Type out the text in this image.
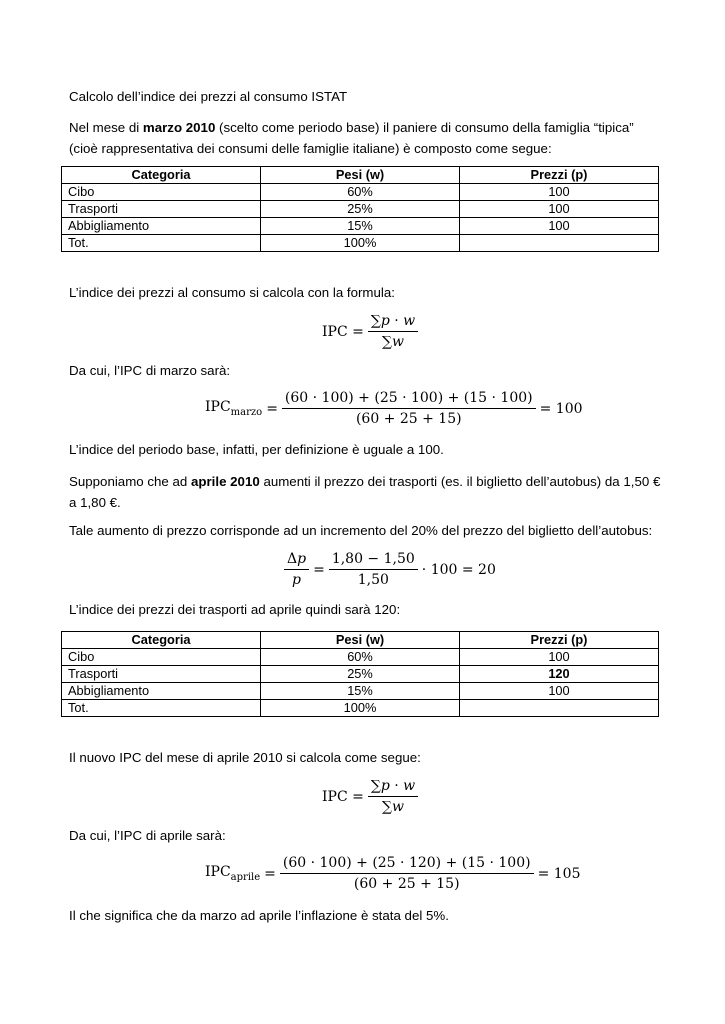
Calcolo dell’indice dei prezzi al consumo ISTAT

Nel mese di marzo 2010 (scelto come periodo base) il paniere di consumo della famiglia “tipica” (cioè rappresentativa dei consumi delle famiglie italiane) è composto come segue:

Categoria	Pesi (w)	Prezzi (p)
Cibo	60%	100
Trasporti	25%	100
Abbigliamento	15%	100
Tot.	100%	

L’indice dei prezzi al consumo si calcola con la formula:

IPC = $\frac{\text{∑𝑝 · 𝑤}}{\text{∑𝑤}}$

Da cui, l’IPC di marzo sarà:

$IPC_{marzo} = \frac{(60 \cdot 100) + (25 \cdot 100) + (15 \cdot 100)}{(60 + 25 + 15)} = 100$

L’indice del periodo base, infatti, per definizione è uguale a 100.

Supponiamo che ad aprile 2010 aumenti il prezzo dei trasporti (es. il biglietto dell’autobus) da 1,50 € a 1,80 €.

Tale aumento di prezzo corrisponde ad un incremento del 20% del prezzo del biglietto dell’autobus:

$\frac{\text{Δ𝑝}}{\text{𝑝}} = \frac{1,80 - 1,50}{1,50} \cdot 100 = 20$

L’indice dei prezzi dei trasporti ad aprile quindi sarà 120:

Categoria	Pesi (w)	Prezzi (p)
Cibo	60%	100
Trasporti	25%	120
Abbigliamento	15%	100
Tot.	100%	

Il nuovo IPC del mese di aprile 2010 si calcola come segue:

IPC = $\frac{\text{∑𝑝 · 𝑤}}{\text{∑𝑤}}$

Da cui, l’IPC di aprile sarà:

$IPC_{aprile} = \frac{(60 \cdot 100) + (25 \cdot 120) + (15 \cdot 100)}{(60 + 25 + 15)} = 105$

Il che significa che da marzo ad aprile l’inflazione è stata del 5%.
